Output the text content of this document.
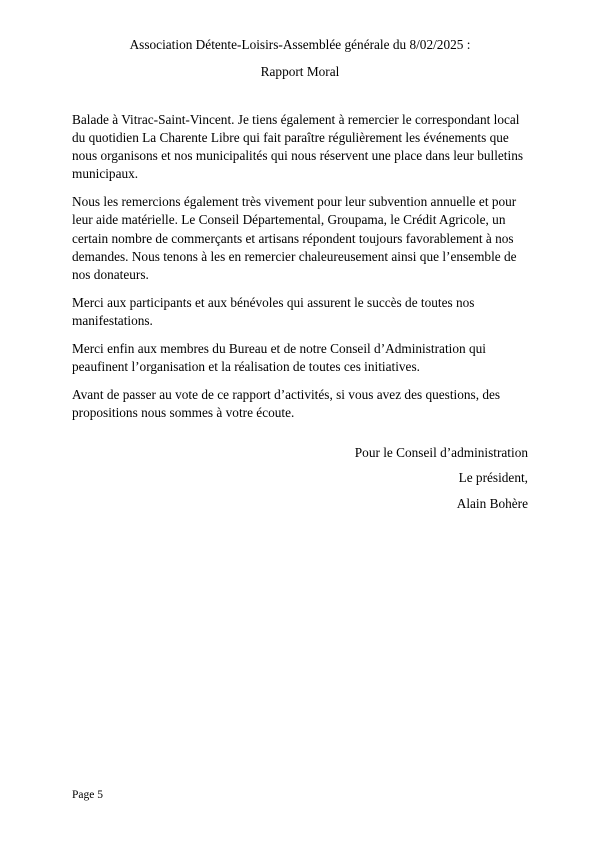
Association Détente-Loisirs-Assemblée générale du 8/02/2025 :
Rapport Moral

Balade à Vitrac-Saint-Vincent. Je tiens également à remercier le correspondant local du quotidien La Charente Libre qui fait paraître régulièrement les événements que nous organisons et nos municipalités qui nous réservent une place dans leur bulletins municipaux.

Nous les remercions également très vivement pour leur subvention annuelle et pour leur aide matérielle. Le Conseil Départemental, Groupama, le Crédit Agricole, un certain nombre de commerçants et artisans répondent toujours favorablement à nos demandes. Nous tenons à les en remercier chaleureusement ainsi que l’ensemble de nos donateurs.

Merci aux participants et aux bénévoles qui assurent le succès de toutes nos manifestations.

Merci enfin aux membres du Bureau et de notre Conseil d’Administration qui peaufinent l’organisation et la réalisation de toutes ces initiatives.

Avant de passer au vote de ce rapport d’activités, si vous avez des questions, des propositions nous sommes à votre écoute.

Pour le Conseil d’administration
Le président,
Alain Bohère
Page 5
